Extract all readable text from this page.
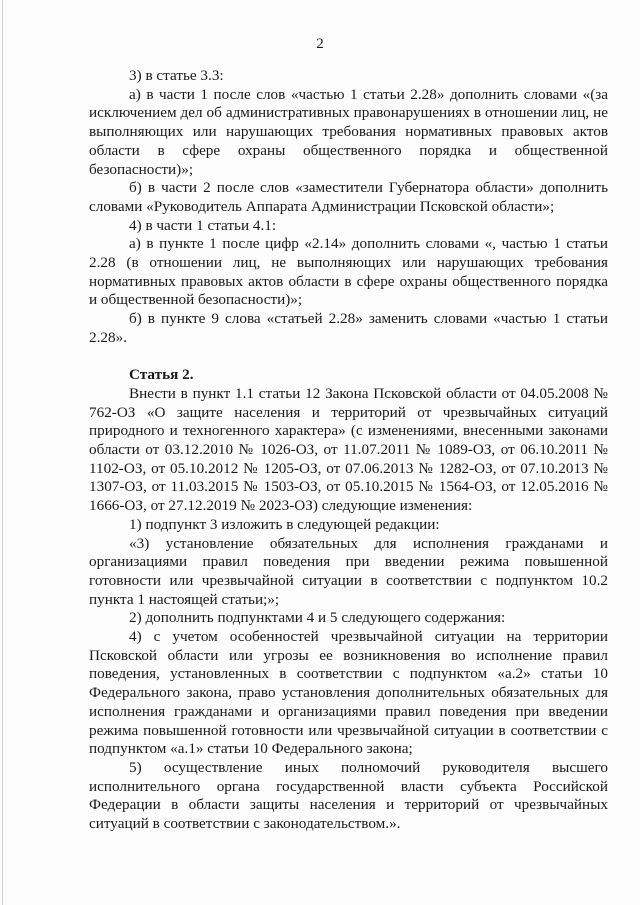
2

3) в статье 3.3:

а) в части 1 после слов «частью 1 статьи 2.28» дополнить словами «(за исключением дел об административных правонарушениях в отношении лиц, не выполняющих или нарушающих требования нормативных правовых актов области в сфере охраны общественного порядка и общественной безопасности)»;

б) в части 2 после слов «заместители Губернатора области» дополнить словами «Руководитель Аппарата Администрации Псковской области»;

4) в части 1 статьи 4.1:

а) в пункте 1 после цифр «2.14» дополнить словами «, частью 1 статьи 2.28 (в отношении лиц, не выполняющих или нарушающих требования нормативных правовых актов области в сфере охраны общественного порядка и общественной безопасности)»;

б) в пункте 9 слова «статьей 2.28» заменить словами «частью 1 статьи 2.28».

Статья 2.

Внести в пункт 1.1 статьи 12 Закона Псковской области от 04.05.2008 № 762-ОЗ «О защите населения и территорий от чрезвычайных ситуаций природного и техногенного характера» (с изменениями, внесенными законами области от 03.12.2010 № 1026-ОЗ, от 11.07.2011 № 1089-ОЗ, от 06.10.2011 № 1102-ОЗ, от 05.10.2012 № 1205-ОЗ, от 07.06.2013 № 1282-ОЗ, от 07.10.2013 № 1307-ОЗ, от 11.03.2015 № 1503-ОЗ, от 05.10.2015 № 1564-ОЗ, от 12.05.2016 № 1666-ОЗ, от 27.12.2019 № 2023-ОЗ) следующие изменения:

1) подпункт 3 изложить в следующей редакции:

«3) установление обязательных для исполнения гражданами и организациями правил поведения при введении режима повышенной готовности или чрезвычайной ситуации в соответствии с подпунктом 10.2 пункта 1 настоящей статьи;»;

2) дополнить подпунктами 4 и 5 следующего содержания:

4) с учетом особенностей чрезвычайной ситуации на территории Псковской области или угрозы ее возникновения во исполнение правил поведения, установленных в соответствии с подпунктом «а.2» статьи 10 Федерального закона, право установления дополнительных обязательных для исполнения гражданами и организациями правил поведения при введении режима повышенной готовности или чрезвычайной ситуации в соответствии с подпунктом «а.1» статьи 10 Федерального закона;

5) осуществление иных полномочий руководителя высшего исполнительного органа государственной власти субъекта Российской Федерации в области защиты населения и территорий от чрезвычайных ситуаций в соответствии с законодательством.».
